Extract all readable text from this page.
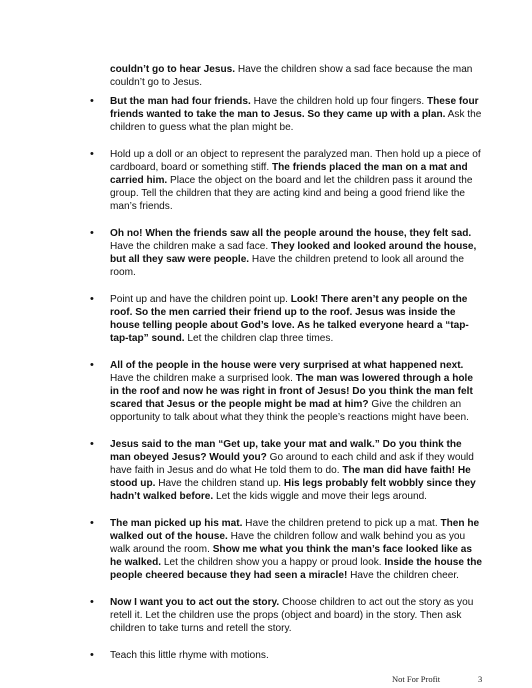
couldn’t go to hear Jesus. Have the children show a sad face because the man couldn’t go to Jesus.
• But the man had four friends. Have the children hold up four fingers. These four friends wanted to take the man to Jesus. So they came up with a plan. Ask the children to guess what the plan might be.
• Hold up a doll or an object to represent the paralyzed man. Then hold up a piece of cardboard, board or something stiff. The friends placed the man on a mat and carried him. Place the object on the board and let the children pass it around the group. Tell the children that they are acting kind and being a good friend like the man’s friends.
• Oh no! When the friends saw all the people around the house, they felt sad. Have the children make a sad face. They looked and looked around the house, but all they saw were people. Have the children pretend to look all around the room.
• Point up and have the children point up. Look! There aren’t any people on the roof. So the men carried their friend up to the roof. Jesus was inside the house telling people about God’s love. As he talked everyone heard a “tap-tap-tap” sound. Let the children clap three times.
• All of the people in the house were very surprised at what happened next. Have the children make a surprised look. The man was lowered through a hole in the roof and now he was right in front of Jesus! Do you think the man felt scared that Jesus or the people might be mad at him? Give the children an opportunity to talk about what they think the people’s reactions might have been.
• Jesus said to the man “Get up, take your mat and walk.” Do you think the man obeyed Jesus? Would you? Go around to each child and ask if they would have faith in Jesus and do what He told them to do. The man did have faith! He stood up. Have the children stand up. His legs probably felt wobbly since they hadn’t walked before. Let the kids wiggle and move their legs around.
• The man picked up his mat. Have the children pretend to pick up a mat. Then he walked out of the house. Have the children follow and walk behind you as you walk around the room. Show me what you think the man’s face looked like as he walked. Let the children show you a happy or proud look. Inside the house the people cheered because they had seen a miracle! Have the children cheer.
• Now I want you to act out the story. Choose children to act out the story as you retell it. Let the children use the props (object and board) in the story. Then ask children to take turns and retell the story.
• Teach this little rhyme with motions.
Not For Profit	3
